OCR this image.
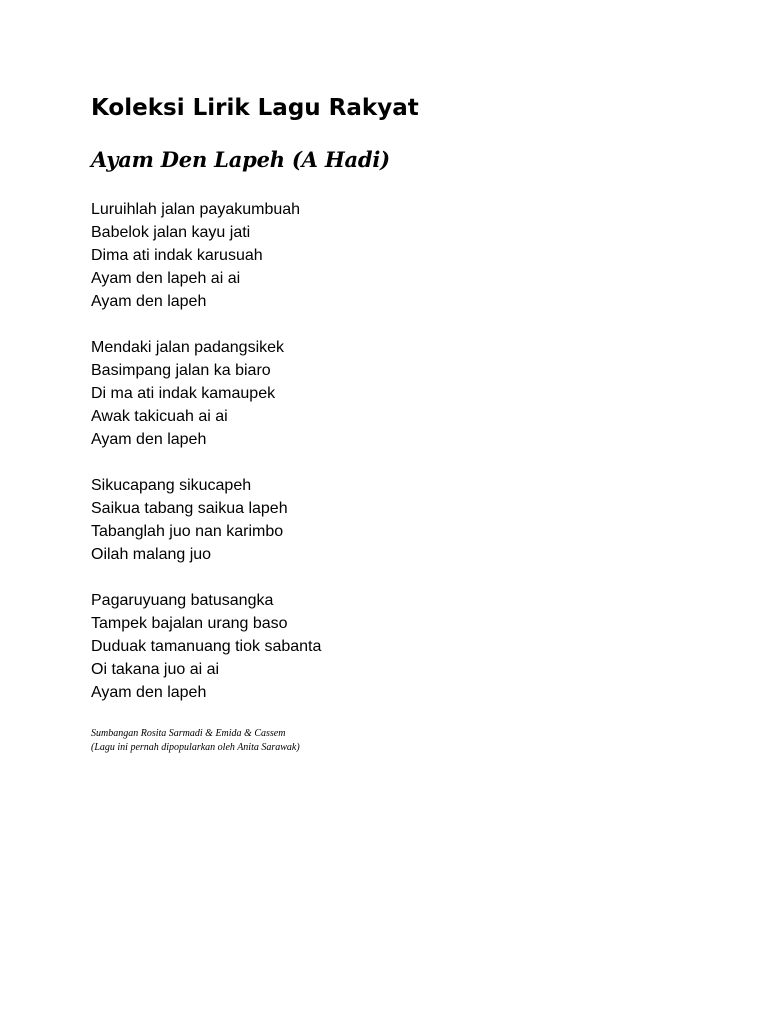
Koleksi Lirik Lagu Rakyat
Ayam Den Lapeh (A Hadi)
Luruihlah jalan payakumbuah
Babelok jalan kayu jati
Dima ati indak karusuah
Ayam den lapeh ai ai
Ayam den lapeh
Mendaki jalan padangsikek
Basimpang jalan ka biaro
Di ma ati indak kamaupek
Awak takicuah ai ai
Ayam den lapeh
Sikucapang sikucapeh
Saikua tabang saikua lapeh
Tabanglah juo nan karimbo
Oilah malang juo
Pagaruyuang batusangka
Tampek bajalan urang baso
Duduak tamanuang tiok sabanta
Oi takana juo ai ai
Ayam den lapeh
Sumbangan Rosita Sarmadi & Emida & Cassem
(Lagu ini pernah dipopularkan oleh Anita Sarawak)
